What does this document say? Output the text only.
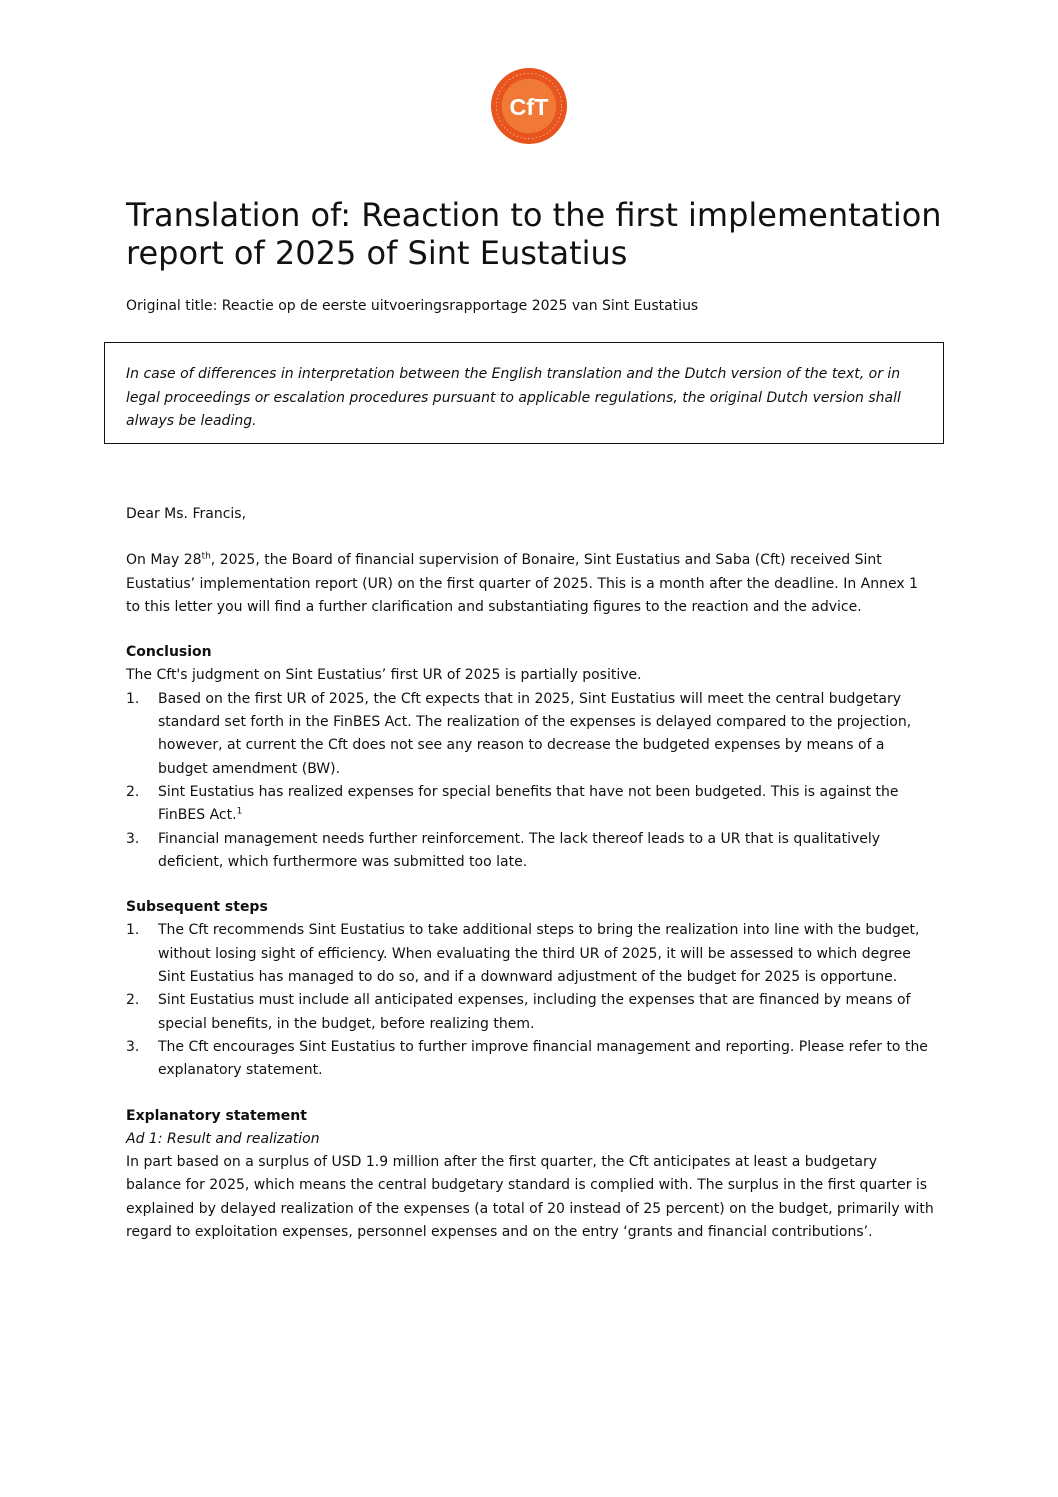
CfT
Translation of: Reaction to the first implementation report of 2025 of Sint Eustatius
Original title: Reactie op de eerste uitvoeringsrapportage 2025 van Sint Eustatius
In case of differences in interpretation between the English translation and the Dutch version of the text, or in legal proceedings or escalation procedures pursuant to applicable regulations, the original Dutch version shall always be leading.

Dear Ms. Francis,

On May 28th, 2025, the Board of financial supervision of Bonaire, Sint Eustatius and Saba (Cft) received Sint Eustatius’ implementation report (UR) on the first quarter of 2025. This is a month after the deadline. In Annex 1 to this letter you will find a further clarification and substantiating figures to the reaction and the advice.

Conclusion

The Cft's judgment on Sint Eustatius’ first UR of 2025 is partially positive.

1. Based on the first UR of 2025, the Cft expects that in 2025, Sint Eustatius will meet the central budgetary standard set forth in the FinBES Act. The realization of the expenses is delayed compared to the projection, however, at current the Cft does not see any reason to decrease the budgeted expenses by means of a budget amendment (BW).
2. Sint Eustatius has realized expenses for special benefits that have not been budgeted. This is against the FinBES Act.$^1$
3. Financial management needs further reinforcement. The lack thereof leads to a UR that is qualitatively deficient, which furthermore was submitted too late.

Subsequent steps

1. The Cft recommends Sint Eustatius to take additional steps to bring the realization into line with the budget, without losing sight of efficiency. When evaluating the third UR of 2025, it will be assessed to which degree Sint Eustatius has managed to do so, and if a downward adjustment of the budget for 2025 is opportune.
2. Sint Eustatius must include all anticipated expenses, including the expenses that are financed by means of special benefits, in the budget, before realizing them.
3. The Cft encourages Sint Eustatius to further improve financial management and reporting. Please refer to the explanatory statement.

Explanatory statement

Ad 1: Result and realization

In part based on a surplus of USD 1.9 million after the first quarter, the Cft anticipates at least a budgetary balance for 2025, which means the central budgetary standard is complied with. The surplus in the first quarter is explained by delayed realization of the expenses (a total of 20 instead of 25 percent) on the budget, primarily with regard to exploitation expenses, personnel expenses and on the entry ‘grants and financial contributions’.
